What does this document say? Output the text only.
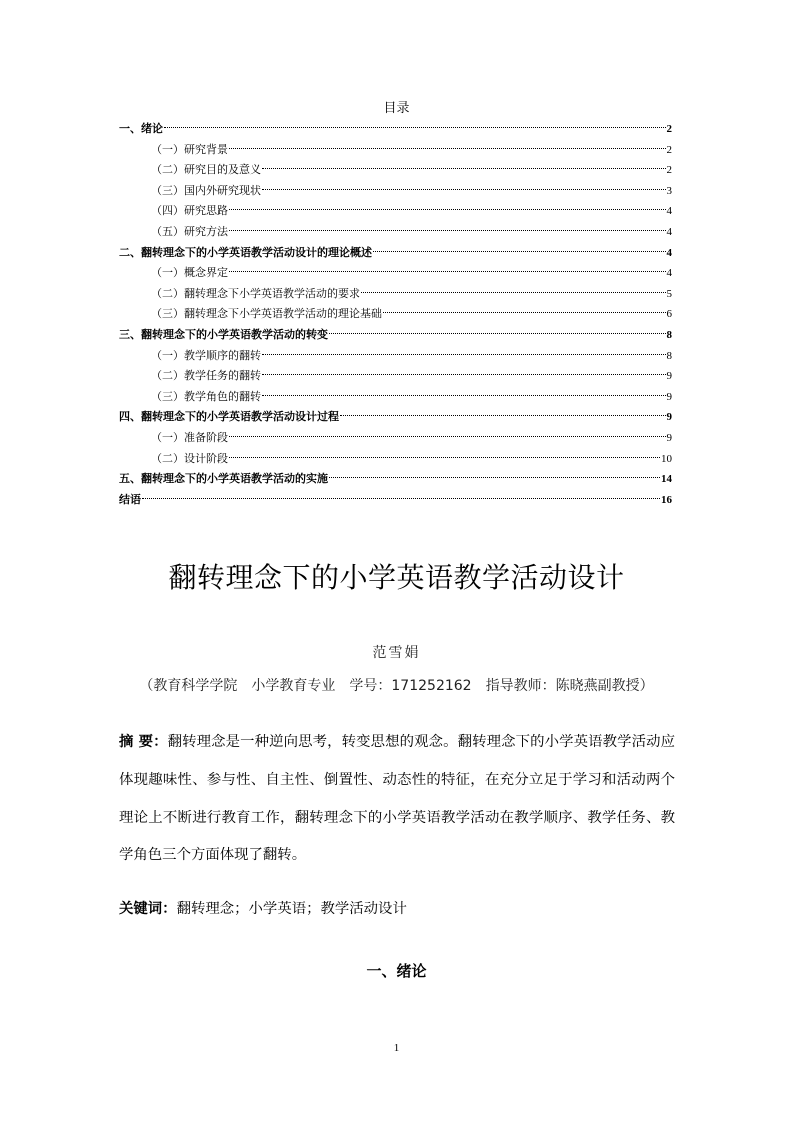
目录
一、绪论	2
（一）研究背景	2
（二）研究目的及意义	2
（三）国内外研究现状	3
（四）研究思路	4
（五）研究方法	4
二、翻转理念下的小学英语教学活动设计的理论概述	4
（一）概念界定	4
（二）翻转理念下小学英语教学活动的要求	5
（三）翻转理念下小学英语教学活动的理论基础	6
三、翻转理念下的小学英语教学活动的转变	8
（一）教学顺序的翻转	8
（二）教学任务的翻转	9
（三）教学角色的翻转	9
四、翻转理念下的小学英语教学活动设计过程	9
（一）准备阶段	9
（二）设计阶段	10
五、翻转理念下的小学英语教学活动的实施	14
结语	16
翻转理念下的小学英语教学活动设计
范雪娟
（教育科学学院　小学教育专业　学号：171252162　指导教师：陈晓燕副教授）
摘 要：翻转理念是一种逆向思考，转变思想的观念。翻转理念下的小学英语教学活动应体现趣味性、参与性、自主性、倒置性、动态性的特征，在充分立足于学习和活动两个理论上不断进行教育工作，翻转理念下的小学英语教学活动在教学顺序、教学任务、教学角色三个方面体现了翻转。
关键词：翻转理念；小学英语；教学活动设计
一、绪论
1
